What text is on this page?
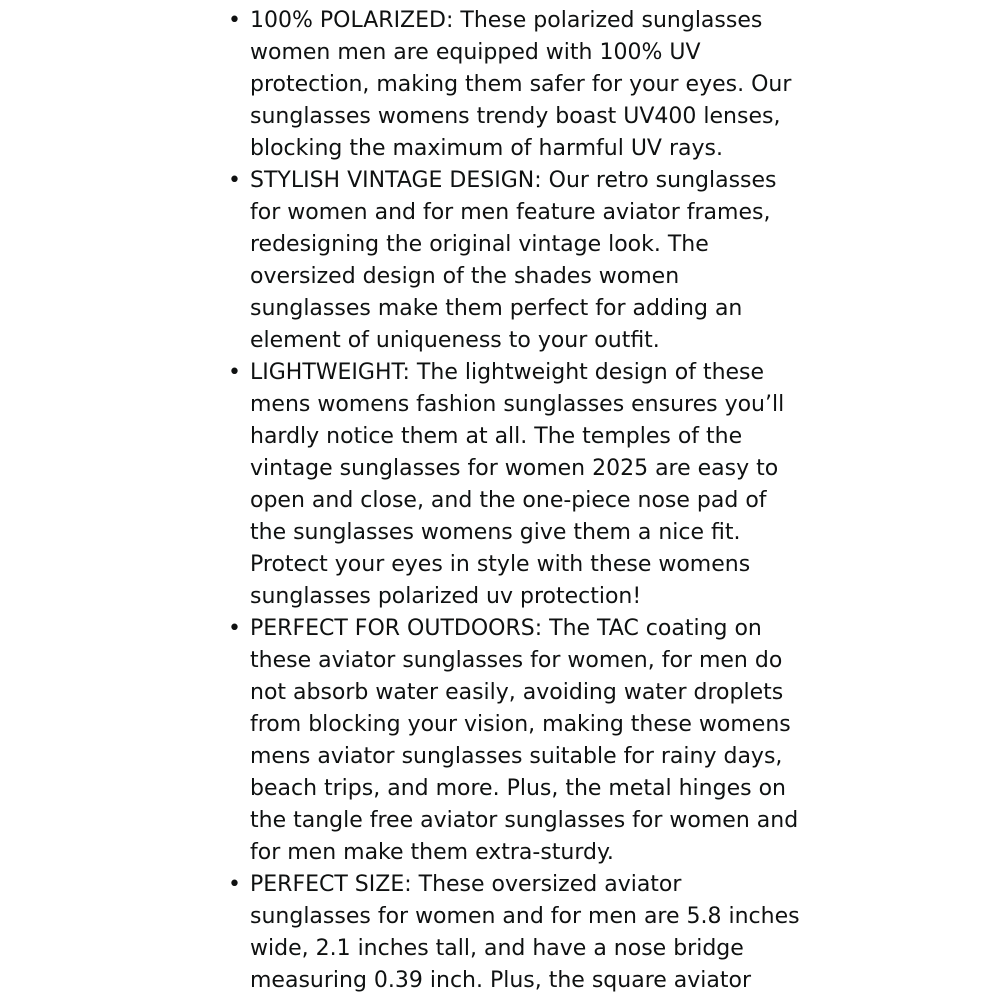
• 100% POLARIZED: These polarized sunglasses
women men are equipped with 100% UV
protection, making them safer for your eyes. Our
sunglasses womens trendy boast UV400 lenses,
blocking the maximum of harmful UV rays.
• STYLISH VINTAGE DESIGN: Our retro sunglasses
for women and for men feature aviator frames,
redesigning the original vintage look. The
oversized design of the shades women
sunglasses make them perfect for adding an
element of uniqueness to your outfit.
• LIGHTWEIGHT: The lightweight design of these
mens womens fashion sunglasses ensures you’ll
hardly notice them at all. The temples of the
vintage sunglasses for women 2025 are easy to
open and close, and the one-piece nose pad of
the sunglasses womens give them a nice fit.
Protect your eyes in style with these womens
sunglasses polarized uv protection!
• PERFECT FOR OUTDOORS: The TAC coating on
these aviator sunglasses for women, for men do
not absorb water easily, avoiding water droplets
from blocking your vision, making these womens
mens aviator sunglasses suitable for rainy days,
beach trips, and more. Plus, the metal hinges on
the tangle free aviator sunglasses for women and
for men make them extra-sturdy.
• PERFECT SIZE: These oversized aviator
sunglasses for women and for men are 5.8 inches
wide, 2.1 inches tall, and have a nose bridge
measuring 0.39 inch. Plus, the square aviator
